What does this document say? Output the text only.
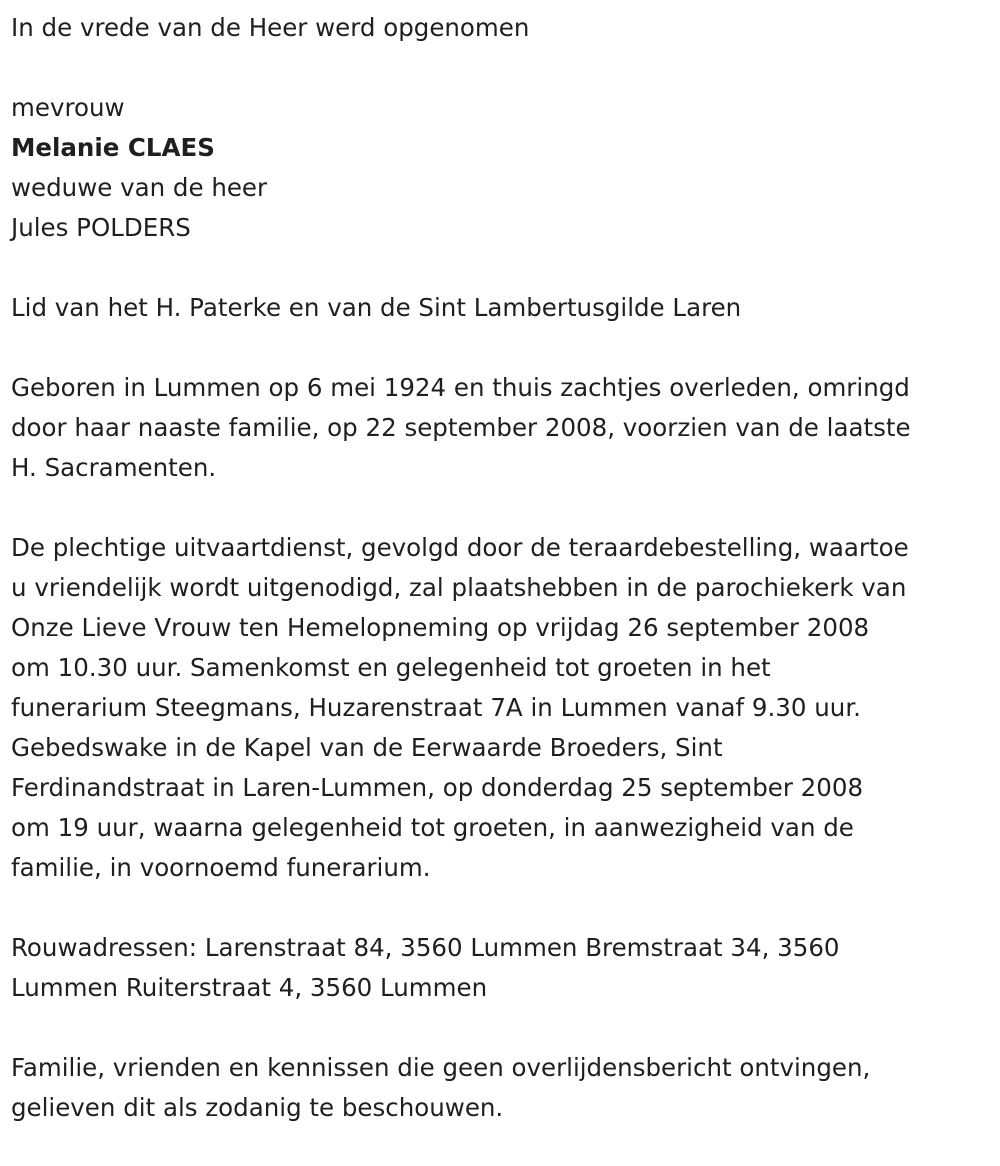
In de vrede van de Heer werd opgenomen

mevrouw

Melanie CLAES

weduwe van de heer

Jules POLDERS

Lid van het H. Paterke en van de Sint Lambertusgilde Laren

Geboren in Lummen op 6 mei 1924 en thuis zachtjes overleden, omringd

door haar naaste familie, op 22 september 2008, voorzien van de laatste

H. Sacramenten.

De plechtige uitvaartdienst, gevolgd door de teraardebestelling, waartoe

u vriendelijk wordt uitgenodigd, zal plaatshebben in de parochiekerk van

Onze Lieve Vrouw ten Hemelopneming op vrijdag 26 september 2008

om 10.30 uur. Samenkomst en gelegenheid tot groeten in het

funerarium Steegmans, Huzarenstraat 7A in Lummen vanaf 9.30 uur.

Gebedswake in de Kapel van de Eerwaarde Broeders, Sint

Ferdinandstraat in Laren-Lummen, op donderdag 25 september 2008

om 19 uur, waarna gelegenheid tot groeten, in aanwezigheid van de

familie, in voornoemd funerarium.

Rouwadressen: Larenstraat 84, 3560 Lummen Bremstraat 34, 3560

Lummen Ruiterstraat 4, 3560 Lummen

Familie, vrienden en kennissen die geen overlijdensbericht ontvingen,

gelieven dit als zodanig te beschouwen.
